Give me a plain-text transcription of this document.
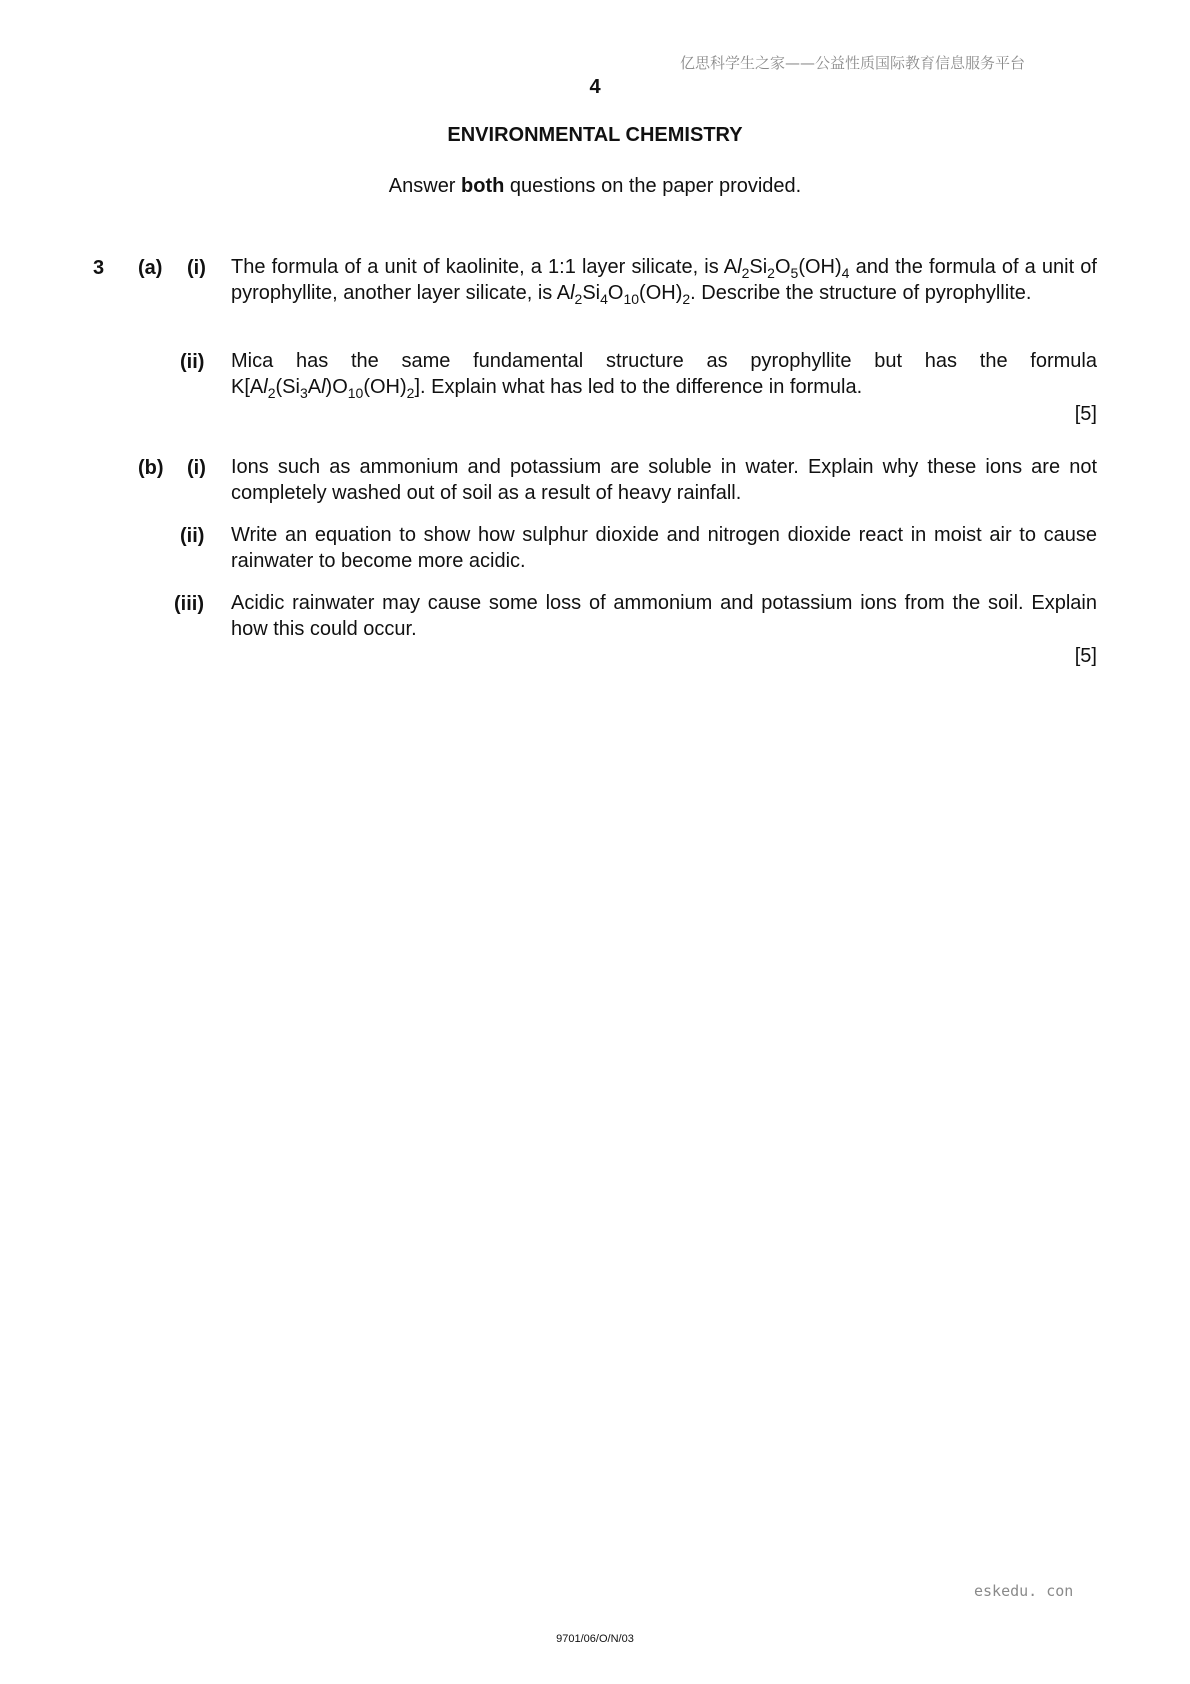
亿思科学生之家——公益性质国际教育信息服务平台
4
ENVIRONMENTAL CHEMISTRY
Answer both questions on the paper provided.
3 (a) (i) The formula of a unit of kaolinite, a 1:1 layer silicate, is $Al_2Si_2O_5(OH)_4$ and the formula of a unit of pyrophyllite, another layer silicate, is $Al_2Si_4O_{10}(OH)_2$. Describe the structure of pyrophyllite.
(ii) Mica has the same fundamental structure as pyrophyllite but has the formula $K[Al_2(Si_3Al)O_{10}(OH)_2]$. Explain what has led to the difference in formula.
[5]
(b) (i) Ions such as ammonium and potassium are soluble in water. Explain why these ions are not completely washed out of soil as a result of heavy rainfall.
(ii) Write an equation to show how sulphur dioxide and nitrogen dioxide react in moist air to cause rainwater to become more acidic.
(iii) Acidic rainwater may cause some loss of ammonium and potassium ions from the soil. Explain how this could occur.
[5]
eskedu. con
9701/06/O/N/03
